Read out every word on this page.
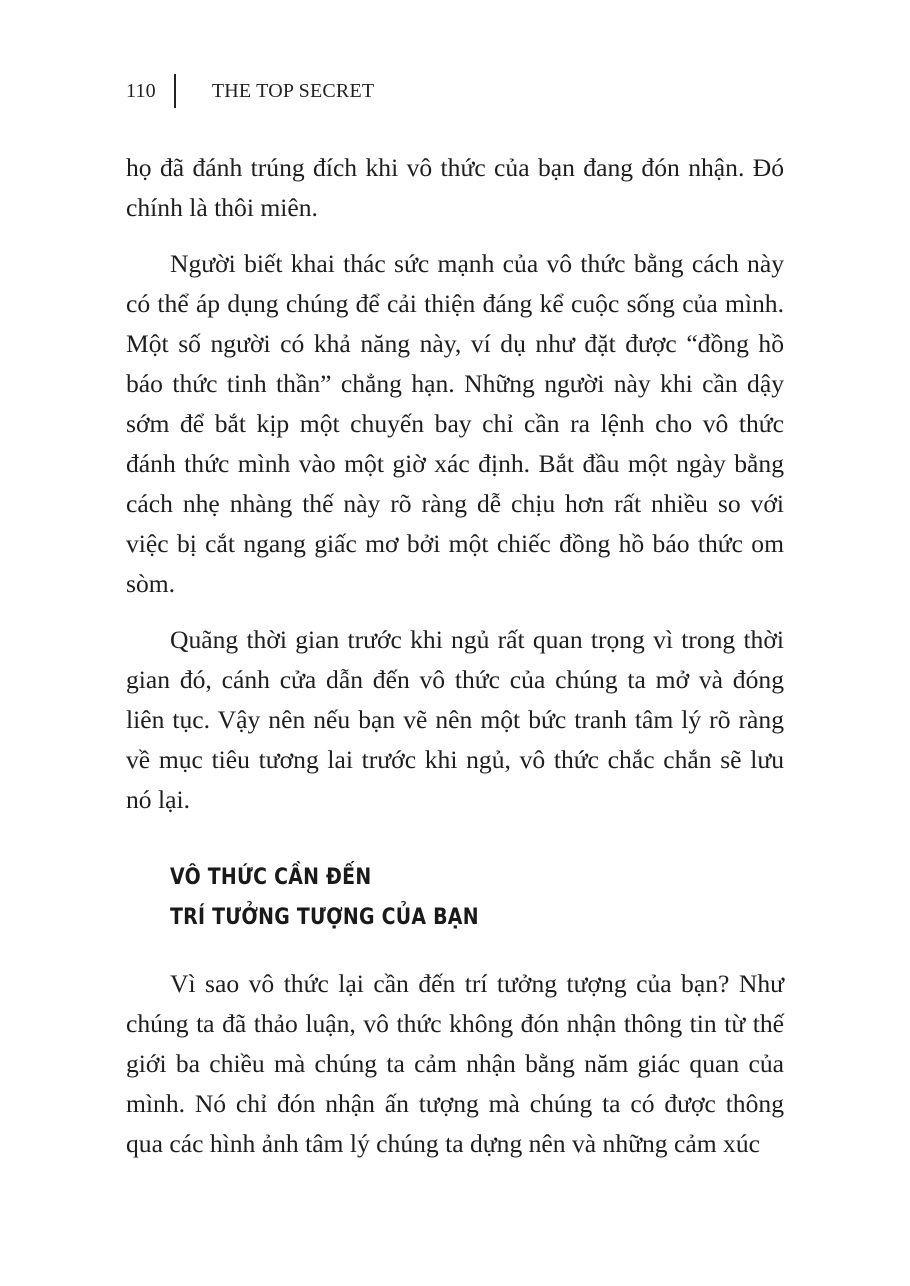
110	THE TOP SECRET

họ đã đánh trúng đích khi vô thức của bạn đang đón nhận. Đó chính là thôi miên.

Người biết khai thác sức mạnh của vô thức bằng cách này có thể áp dụng chúng để cải thiện đáng kể cuộc sống của mình. Một số người có khả năng này, ví dụ như đặt được “đồng hồ báo thức tinh thần” chẳng hạn. Những người này khi cần dậy sớm để bắt kịp một chuyến bay chỉ cần ra lệnh cho vô thức đánh thức mình vào một giờ xác định. Bắt đầu một ngày bằng cách nhẹ nhàng thế này rõ ràng dễ chịu hơn rất nhiều so với việc bị cắt ngang giấc mơ bởi một chiếc đồng hồ báo thức om sòm.

Quãng thời gian trước khi ngủ rất quan trọng vì trong thời gian đó, cánh cửa dẫn đến vô thức của chúng ta mở và đóng liên tục. Vậy nên nếu bạn vẽ nên một bức tranh tâm lý rõ ràng về mục tiêu tương lai trước khi ngủ, vô thức chắc chắn sẽ lưu nó lại.

VÔ THỨC CẦN ĐẾN
TRÍ TƯỞNG TƯỢNG CỦA BẠN

Vì sao vô thức lại cần đến trí tưởng tượng của bạn? Như chúng ta đã thảo luận, vô thức không đón nhận thông tin từ thế giới ba chiều mà chúng ta cảm nhận bằng năm giác quan của mình. Nó chỉ đón nhận ấn tượng mà chúng ta có được thông qua các hình ảnh tâm lý chúng ta dựng nên và những cảm xúc
